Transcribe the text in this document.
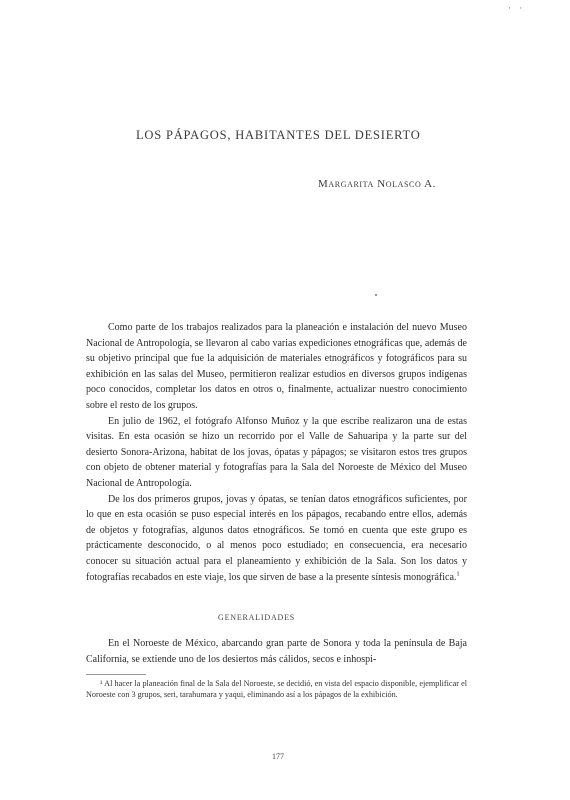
· ·
LOS PÁPAGOS, HABITANTES DEL DESIERTO
Margarita Nolasco A.

Como parte de los trabajos realizados para la planeación e instalación del nuevo Museo Nacional de Antropología, se llevaron al cabo varias expediciones etnográficas que, además de su objetivo principal que fue la adquisición de materiales etnográficos y fotográficos para su exhibición en las salas del Museo, permitieron realizar estudios en diversos grupos indígenas poco conocidos, completar los datos en otros o, finalmente, actualizar nuestro conocimiento sobre el resto de los grupos.

En julio de 1962, el fotógrafo Alfonso Muñoz y la que escribe realizaron una de estas visitas. En esta ocasión se hizo un recorrido por el Valle de Sahuaripa y la parte sur del desierto Sonora-Arizona, habitat de los jovas, ópatas y pápagos; se visitaron estos tres grupos con objeto de obtener material y fotografías para la Sala del Noroeste de México del Museo Nacional de Antropología.

De los dos primeros grupos, jovas y ópatas, se tenían datos etnográficos suficientes, por lo que en esta ocasión se puso especial interés en los pápagos, recabando entre ellos, además de objetos y fotografías, algunos datos etnográficos. Se tomó en cuenta que este grupo es prácticamente desconocido, o al menos poco estudiado; en consecuencia, era necesario conocer su situación actual para el planeamiento y exhibición de la Sala. Son los datos y fotografías recabados en este viaje, los que sirven de base a la presente síntesis monográfica.$^1$

GENERALIDADES

En el Noroeste de México, abarcando gran parte de Sonora y toda la península de Baja California, se extiende uno de los desiertos más cálidos, secos e inhospi-

¹ Al hacer la planeación final de la Sala del Noroeste, se decidió, en vista del espacio disponible, ejemplificar el Noroeste con 3 grupos, seri, tarahumara y yaqui, eliminando así a los pápagos de la exhibición.

177
